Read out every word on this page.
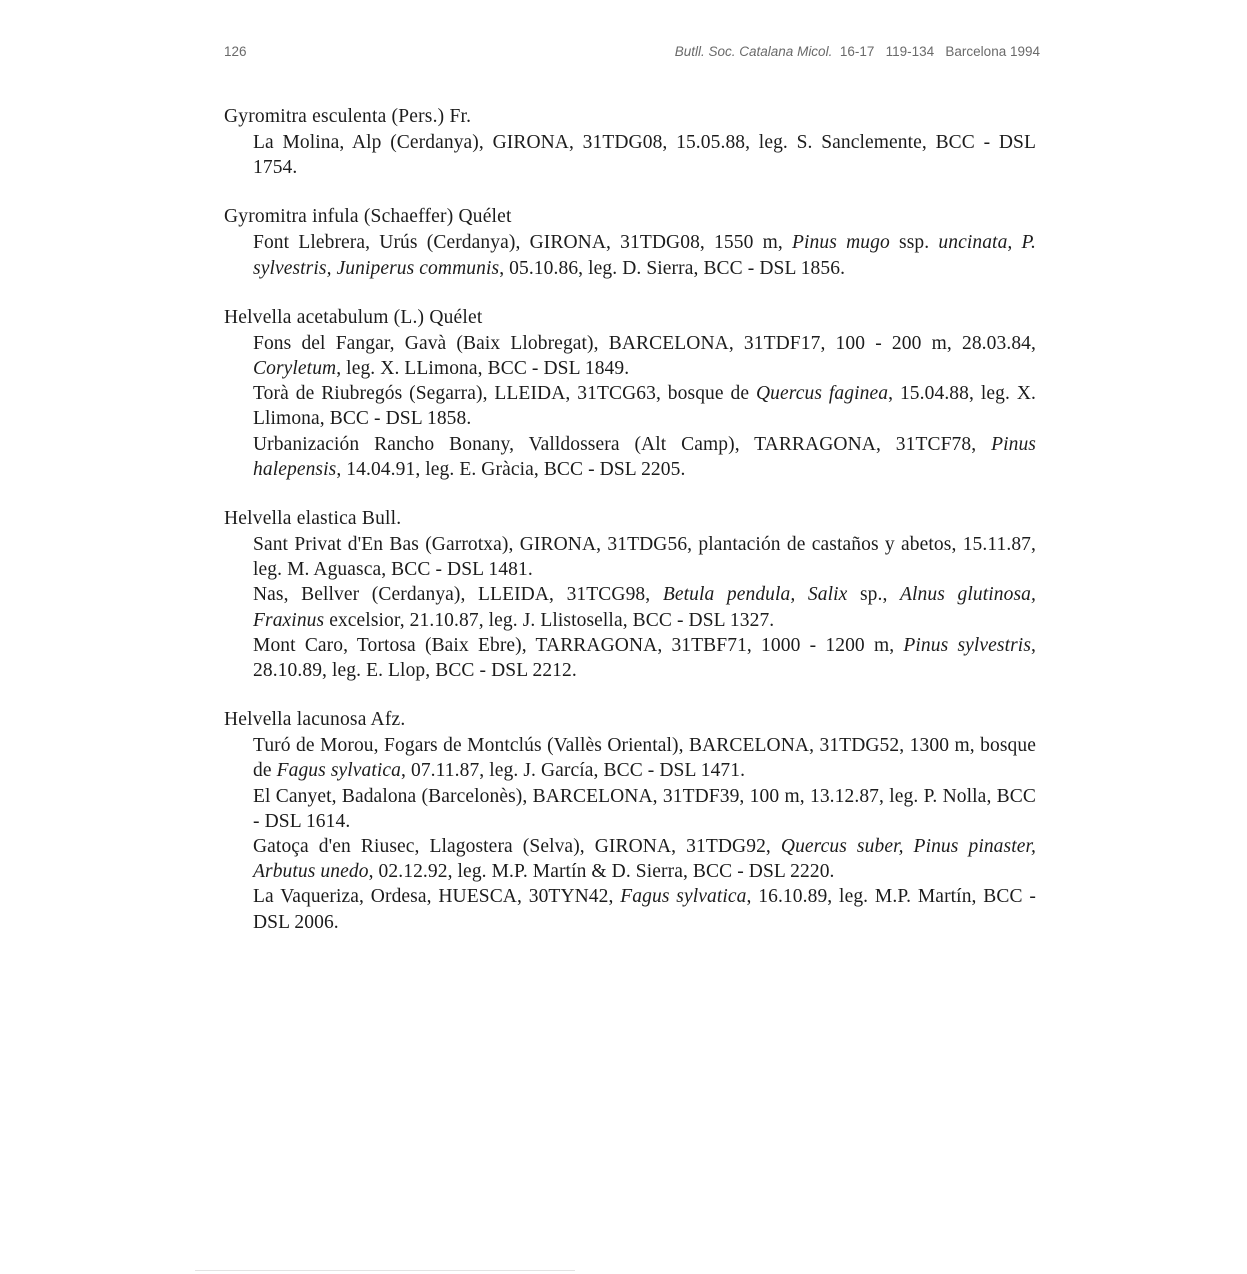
126	Butll. Soc. Catalana Micol. 16-17   119-134   Barcelona 1994
Gyromitra esculenta (Pers.) Fr.
La Molina, Alp (Cerdanya), GIRONA, 31TDG08, 15.05.88, leg. S. Sanclemente, BCC - DSL 1754.
Gyromitra infula (Schaeffer) Quélet
Font Llebrera, Urús (Cerdanya), GIRONA, 31TDG08, 1550 m, Pinus mugo ssp. uncinata, P. sylvestris, Juniperus communis, 05.10.86, leg. D. Sierra, BCC - DSL 1856.
Helvella acetabulum (L.) Quélet
Fons del Fangar, Gavà (Baix Llobregat), BARCELONA, 31TDF17, 100 - 200 m, 28.03.84, Coryletum, leg. X. LLimona, BCC - DSL 1849.
Torà de Riubregós (Segarra), LLEIDA, 31TCG63, bosque de Quercus faginea, 15.04.88, leg. X. Llimona, BCC - DSL 1858.
Urbanización Rancho Bonany, Valldossera (Alt Camp), TARRAGONA, 31TCF78, Pinus halepensis, 14.04.91, leg. E. Gràcia, BCC - DSL 2205.
Helvella elastica Bull.
Sant Privat d'En Bas (Garrotxa), GIRONA, 31TDG56, plantación de castaños y abetos, 15.11.87, leg. M. Aguasca, BCC - DSL 1481.
Nas, Bellver (Cerdanya), LLEIDA, 31TCG98, Betula pendula, Salix sp., Alnus glutinosa, Fraxinus excelsior, 21.10.87, leg. J. Llistosella, BCC - DSL 1327.
Mont Caro, Tortosa (Baix Ebre), TARRAGONA, 31TBF71, 1000 - 1200 m, Pinus sylvestris, 28.10.89, leg. E. Llop, BCC - DSL 2212.
Helvella lacunosa Afz.
Turó de Morou, Fogars de Montclús (Vallès Oriental), BARCELONA, 31TDG52, 1300 m, bosque de Fagus sylvatica, 07.11.87, leg. J. García, BCC - DSL 1471.
El Canyet, Badalona (Barcelonès), BARCELONA, 31TDF39, 100 m, 13.12.87, leg. P. Nolla, BCC - DSL 1614.
Gatoça d'en Riusec, Llagostera (Selva), GIRONA, 31TDG92, Quercus suber, Pinus pinaster, Arbutus unedo, 02.12.92, leg. M.P. Martín & D. Sierra, BCC - DSL 2220.
La Vaqueriza, Ordesa, HUESCA, 30TYN42, Fagus sylvatica, 16.10.89, leg. M.P. Martín, BCC - DSL 2006.
